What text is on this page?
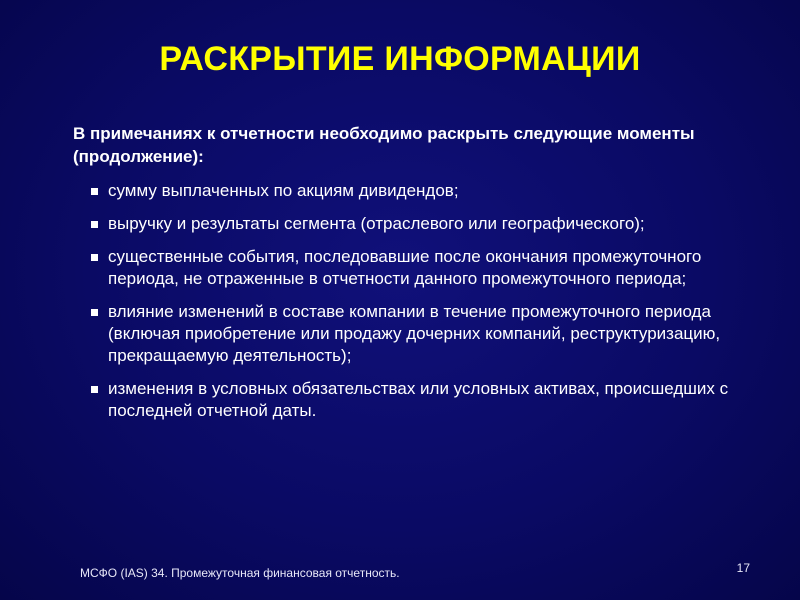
РАСКРЫТИЕ ИНФОРМАЦИИ

В примечаниях к отчетности необходимо раскрыть следующие моменты (продолжение):

сумму выплаченных по акциям дивидендов;
выручку и результаты сегмента (отраслевого или географического);
существенные события, последовавшие после окончания промежуточного периода, не отраженные в отчетности данного промежуточного периода;
влияние изменений в составе компании в течение промежуточного периода (включая приобретение или продажу дочерних компаний, реструктуризацию, прекращаемую деятельность);
изменения в условных обязательствах или условных активах, происшедших с последней отчетной даты.

МСФО (IAS) 34. Промежуточная финансовая отчетность.	17
